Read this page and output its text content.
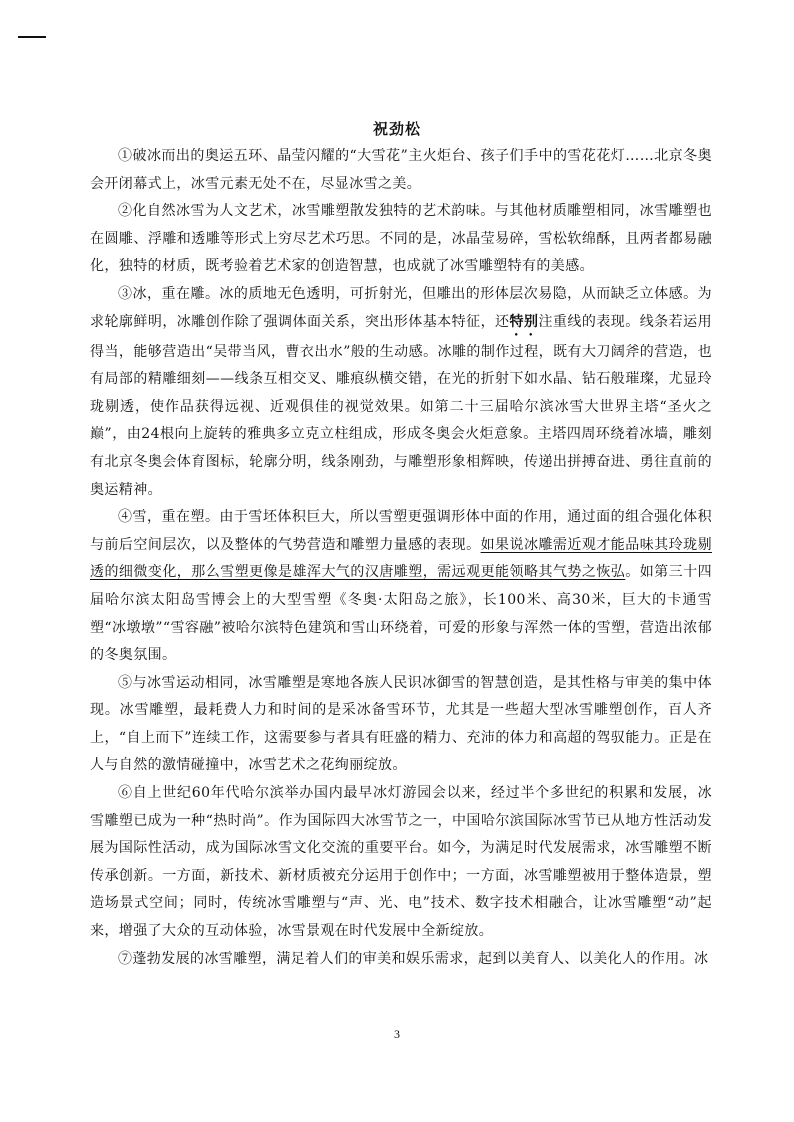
祝劲松

①破冰而出的奥运五环、晶莹闪耀的“大雪花”主火炬台、孩子们手中的雪花花灯……北京冬奥会开闭幕式上，冰雪元素无处不在，尽显冰雪之美。

②化自然冰雪为人文艺术，冰雪雕塑散发独特的艺术韵味。与其他材质雕塑相同，冰雪雕塑也在圆雕、浮雕和透雕等形式上穷尽艺术巧思。不同的是，冰晶莹易碎，雪松软绵酥，且两者都易融化，独特的材质，既考验着艺术家的创造智慧，也成就了冰雪雕塑特有的美感。

③冰，重在雕。冰的质地无色透明，可折射光，但雕出的形体层次易隐，从而缺乏立体感。为求轮廓鲜明，冰雕创作除了强调体面关系，突出形体基本特征，还特别注重线的表现。线条若运用得当，能够营造出“吴带当风，曹衣出水”般的生动感。冰雕的制作过程，既有大刀阔斧的营造，也有局部的精雕细刻——线条互相交叉、雕痕纵横交错，在光的折射下如水晶、钻石般璀璨，尤显玲珑剔透，使作品获得远视、近观俱佳的视觉效果。如第二十三届哈尔滨冰雪大世界主塔“圣火之巅”，由24根向上旋转的雅典多立克立柱组成，形成冬奥会火炬意象。主塔四周环绕着冰墙，雕刻有北京冬奥会体育图标，轮廓分明，线条刚劲，与雕塑形象相辉映，传递出拼搏奋进、勇往直前的奥运精神。

④雪，重在塑。由于雪坯体积巨大，所以雪塑更强调形体中面的作用，通过面的组合强化体积与前后空间层次，以及整体的气势营造和雕塑力量感的表现。如果说冰雕需近观才能品味其玲珑剔透的细微变化，那么雪塑更像是雄浑大气的汉唐雕塑，需远观更能领略其气势之恢弘。如第三十四届哈尔滨太阳岛雪博会上的大型雪塑《冬奥·太阳岛之旅》，长100米、高30米，巨大的卡通雪塑“冰墩墩”“雪容融”被哈尔滨特色建筑和雪山环绕着，可爱的形象与浑然一体的雪塑，营造出浓郁的冬奥氛围。

⑤与冰雪运动相同，冰雪雕塑是寒地各族人民识冰御雪的智慧创造，是其性格与审美的集中体现。冰雪雕塑，最耗费人力和时间的是采冰备雪环节，尤其是一些超大型冰雪雕塑创作，百人齐上，“自上而下”连续工作，这需要参与者具有旺盛的精力、充沛的体力和高超的驾驭能力。正是在人与自然的激情碰撞中，冰雪艺术之花绚丽绽放。

⑥自上世纪60年代哈尔滨举办国内最早冰灯游园会以来，经过半个多世纪的积累和发展，冰雪雕塑已成为一种“热时尚”。作为国际四大冰雪节之一，中国哈尔滨国际冰雪节已从地方性活动发展为国际性活动，成为国际冰雪文化交流的重要平台。如今，为满足时代发展需求，冰雪雕塑不断传承创新。一方面，新技术、新材质被充分运用于创作中；一方面，冰雪雕塑被用于整体造景，塑造场景式空间；同时，传统冰雪雕塑与“声、光、电”技术、数字技术相融合，让冰雪雕塑“动”起来，增强了大众的互动体验，冰雪景观在时代发展中全新绽放。

⑦蓬勃发展的冰雪雕塑，满足着人们的审美和娱乐需求，起到以美育人、以美化人的作用。冰

3
